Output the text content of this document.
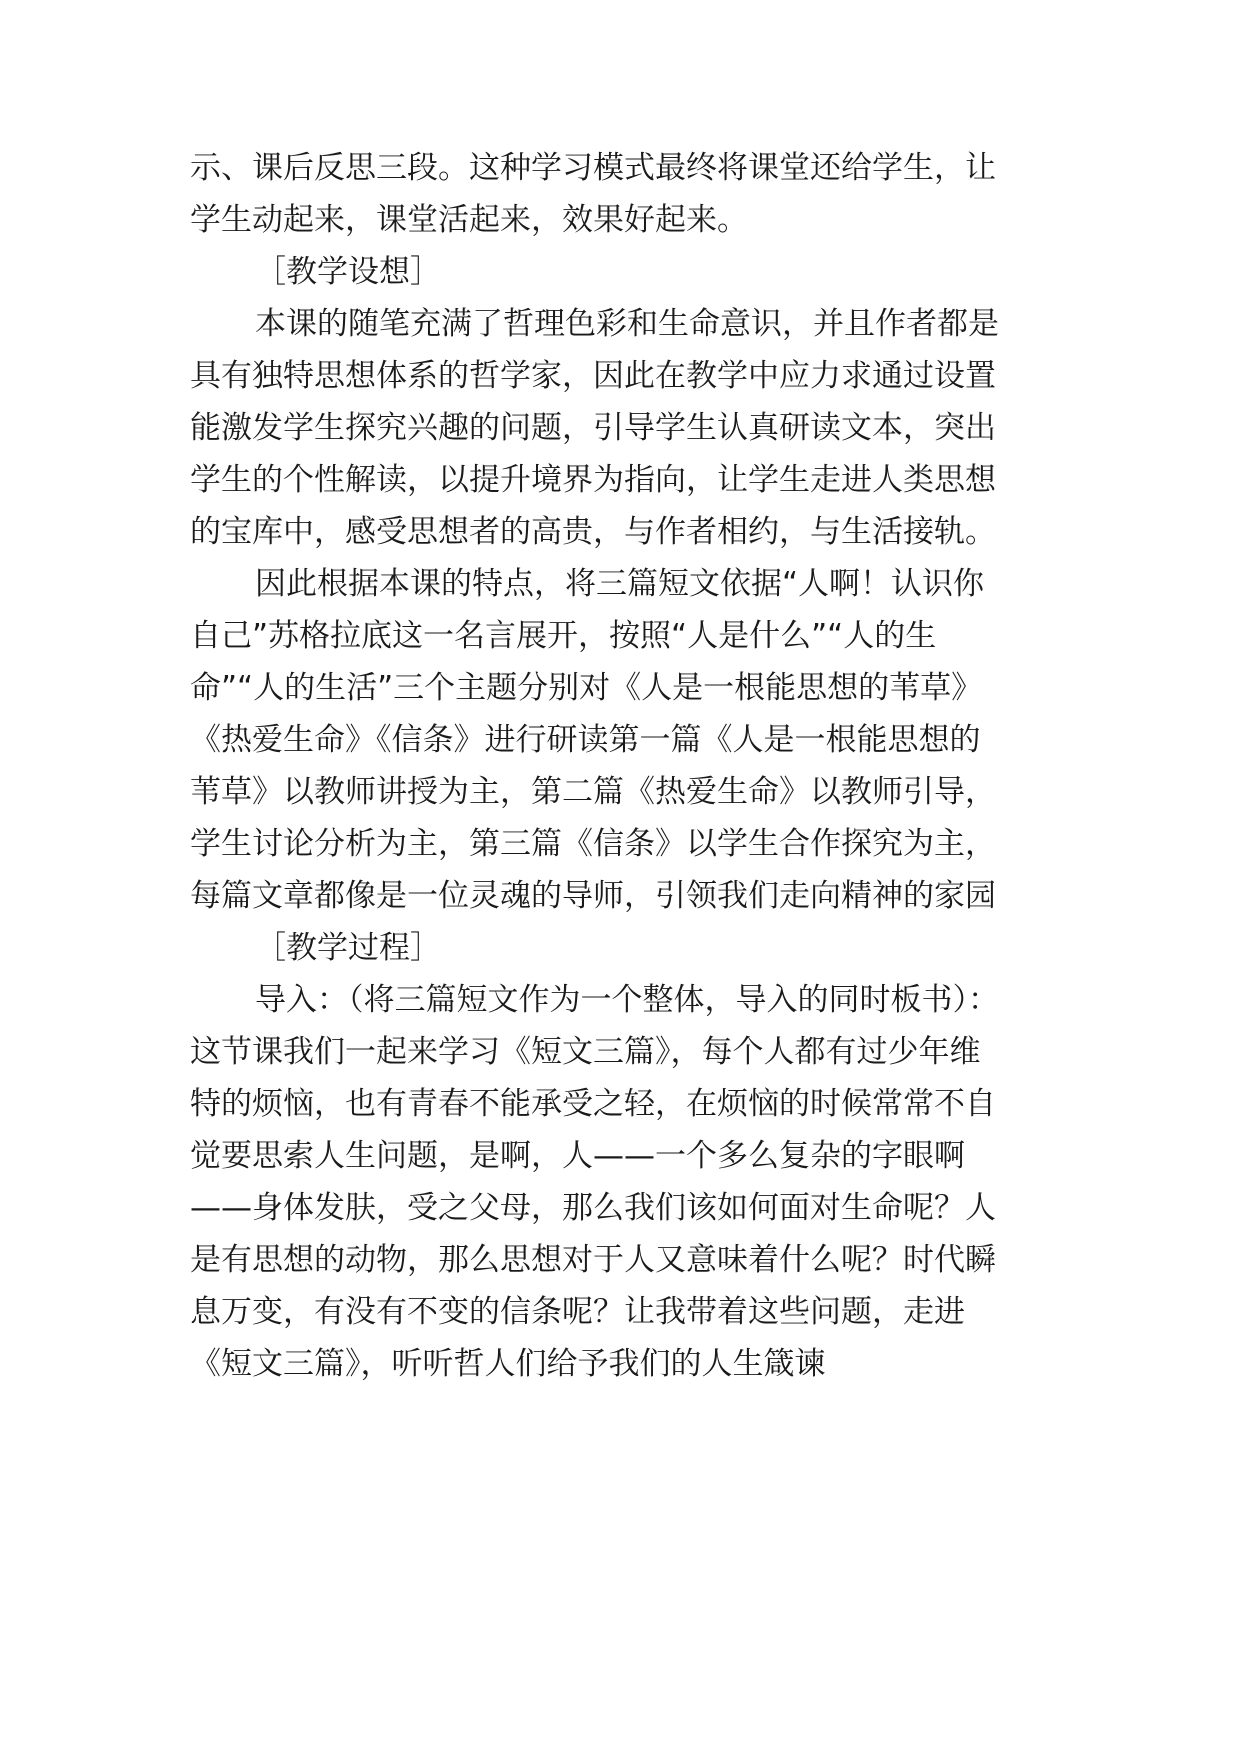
示、课后反思三段。这种学习模式最终将课堂还给学生，让
学生动起来，课堂活起来，效果好起来。
［教学设想］
本课的随笔充满了哲理色彩和生命意识，并且作者都是
具有独特思想体系的哲学家，因此在教学中应力求通过设置
能激发学生探究兴趣的问题，引导学生认真研读文本，突出
学生的个性解读，以提升境界为指向，让学生走进人类思想
的宝库中，感受思想者的高贵，与作者相约，与生活接轨。
因此根据本课的特点，将三篇短文依据“人啊！认识你
自己”苏格拉底这一名言展开，按照“人是什么”“人的生
命”“人的生活”三个主题分别对《人是一根能思想的苇草》
《热爱生命》《信条》进行研读第一篇《人是一根能思想的
苇草》以教师讲授为主，第二篇《热爱生命》以教师引导，
学生讨论分析为主，第三篇《信条》以学生合作探究为主，
每篇文章都像是一位灵魂的导师，引领我们走向精神的家园
［教学过程］
导入：（将三篇短文作为一个整体，导入的同时板书）：
这节课我们一起来学习《短文三篇》，每个人都有过少年维
特的烦恼，也有青春不能承受之轻，在烦恼的时候常常不自
觉要思索人生问题，是啊，人——一个多么复杂的字眼啊
——身体发肤，受之父母，那么我们该如何面对生命呢？人
是有思想的动物，那么思想对于人又意味着什么呢？时代瞬
息万变，有没有不变的信条呢？让我带着这些问题，走进
《短文三篇》，听听哲人们给予我们的人生箴谏
